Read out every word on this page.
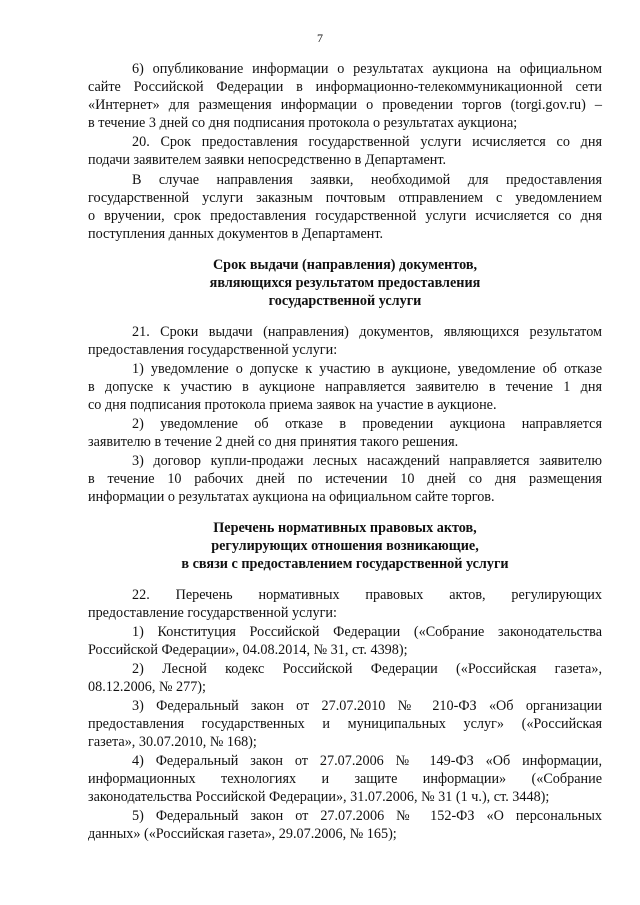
7
6) опубликование информации о результатах аукциона на официальном
сайте Российской Федерации в информационно-телекоммуникационной сети
«Интернет» для размещения информации о проведении торгов (torgi.gov.ru) –
в течение 3 дней со дня подписания протокола о результатах аукциона;
20. Срок предоставления государственной услуги исчисляется со дня
подачи заявителем заявки непосредственно в Департамент.
В случае направления заявки, необходимой для предоставления
государственной услуги заказным почтовым отправлением с уведомлением
о вручении, срок предоставления государственной услуги исчисляется со дня
поступления данных документов в Департамент.
Срок выдачи (направления) документов,
являющихся результатом предоставления
государственной услуги
21. Сроки выдачи (направления) документов, являющихся результатом
предоставления государственной услуги:
1) уведомление о допуске к участию в аукционе, уведомление об отказе
в допуске к участию в аукционе направляется заявителю в течение 1 дня
со дня подписания протокола приема заявок на участие в аукционе.
2) уведомление об отказе в проведении аукциона направляется
заявителю в течение 2 дней со дня принятия такого решения.
3) договор купли-продажи лесных насаждений направляется заявителю
в течение 10 рабочих дней по истечении 10 дней со дня размещения
информации о результатах аукциона на официальном сайте торгов.
Перечень нормативных правовых актов,
регулирующих отношения возникающие,
в связи с предоставлением государственной услуги
22. Перечень нормативных правовых актов, регулирующих
предоставление государственной услуги:
1) Конституция Российской Федерации («Собрание законодательства
Российской Федерации», 04.08.2014, № 31, ст. 4398);
2) Лесной кодекс Российской Федерации («Российская газета»,
08.12.2006, № 277);
3) Федеральный закон от 27.07.2010 № 210-ФЗ «Об организации
предоставления государственных и муниципальных услуг» («Российская
газета», 30.07.2010, № 168);
4) Федеральный закон от 27.07.2006 № 149-ФЗ «Об информации,
информационных технологиях и защите информации» («Собрание
законодательства Российской Федерации», 31.07.2006, № 31 (1 ч.), ст. 3448);
5) Федеральный закон от 27.07.2006 № 152-ФЗ «О персональных
данных» («Российская газета», 29.07.2006, № 165);
